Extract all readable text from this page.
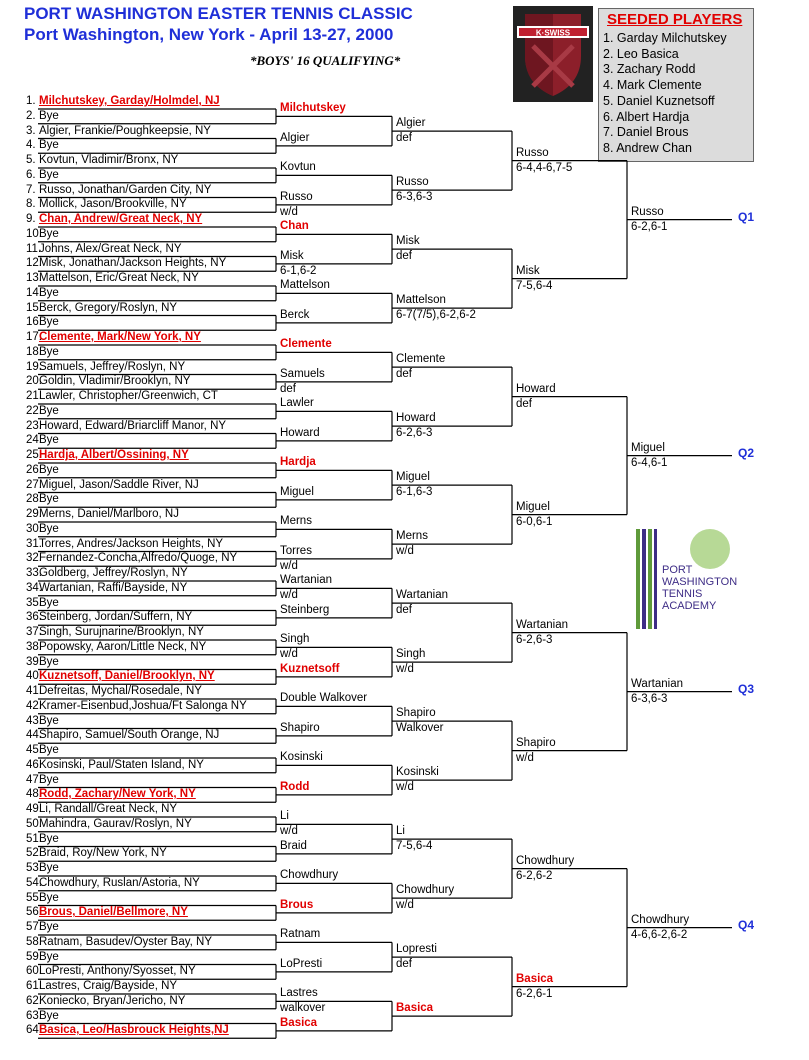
PORT WASHINGTON EASTER TENNIS CLASSIC
Port Washington, New York - April 13-27, 2000
*BOYS' 16 QUALIFYING*
K·SWISS
SEEDED PLAYERS
1. Garday Milchutskey
2. Leo Basica
3. Zachary Rodd
4. Mark Clemente
5. Daniel Kuznetsoff
6. Albert Hardja
7. Daniel Brous
8. Andrew Chan
PORT
WASHINGTON
TENNIS
ACADEMY
1. Milchutskey, Garday/Holmdel, NJ
2. Bye
3. Algier, Frankie/Poughkeepsie, NY
4. Bye
5. Kovtun, Vladimir/Bronx, NY
6. Bye
7. Russo, Jonathan/Garden City, NY
8. Mollick, Jason/Brookville, NY
9. Chan, Andrew/Great Neck, NY
10.
Bye
11.
Johns, Alex/Great Neck, NY
12.
Misk, Jonathan/Jackson Heights, NY
13.
Mattelson, Eric/Great Neck, NY
14.
Bye
15.
Berck, Gregory/Roslyn, NY
16.
Bye
17.
Clemente, Mark/New York, NY
18.
Bye
19.
Samuels, Jeffrey/Roslyn, NY
20.
Goldin, Vladimir/Brooklyn, NY
21.
Lawler, Christopher/Greenwich, CT
22.
Bye
23.
Howard, Edward/Briarcliff Manor, NY
24.
Bye
25.
Hardja, Albert/Ossining, NY
26.
Bye
27.
Miguel, Jason/Saddle River, NJ
28.
Bye
29.
Merns, Daniel/Marlboro, NJ
30.
Bye
31.
Torres, Andres/Jackson Heights, NY
32.
Fernandez-Concha,Alfredo/Quoge, NY
33.
Goldberg, Jeffrey/Roslyn, NY
34.
Wartanian, Raffi/Bayside, NY
35.
Bye
36.
Steinberg, Jordan/Suffern, NY
37.
Singh, Surujnarine/Brooklyn, NY
38.
Popowsky, Aaron/Little Neck, NY
39.
Bye
40.
Kuznetsoff, Daniel/Brooklyn, NY
41.
Defreitas, Mychal/Rosedale, NY
42.
Kramer-Eisenbud,Joshua/Ft Salonga NY
43.
Bye
44.
Shapiro, Samuel/South Orange, NJ
45.
Bye
46.
Kosinski, Paul/Staten Island, NY
47.
Bye
48.
Rodd, Zachary/New York, NY
49.
Li, Randall/Great Neck, NY
50.
Mahindra, Gaurav/Roslyn, NY
51.
Bye
52.
Braid, Roy/New York, NY
53.
Bye
54.
Chowdhury, Ruslan/Astoria, NY
55.
Bye
56.
Brous, Daniel/Bellmore, NY
57.
Bye
58.
Ratnam, Basudev/Oyster Bay, NY
59.
Bye
60.
LoPresti, Anthony/Syosset, NY
61.
Lastres, Craig/Bayside, NY
62.
Koniecko, Bryan/Jericho, NY
63.
Bye
64.
Basica, Leo/Hasbrouck Heights,NJ
Milchutskey
Algier
Kovtun
Russo
w/d
Chan
Misk
6-1,6-2
Mattelson
Berck
Clemente
Samuels
def
Lawler
Howard
Hardja
Miguel
Merns
Torres
w/d
Wartanian
w/d
Steinberg
Singh
w/d
Kuznetsoff
Double Walkover
Shapiro
Kosinski
Rodd
Li
w/d
Braid
Chowdhury
Brous
Ratnam
LoPresti
Lastres
walkover
Basica
Algier
def
Russo
6-3,6-3
Misk
def
Mattelson
6-7(7/5),6-2,6-2
Clemente
def
Howard
6-2,6-3
Miguel
6-1,6-3
Merns
w/d
Wartanian
def
Singh
w/d
Shapiro
Walkover
Kosinski
w/d
Li
7-5,6-4
Chowdhury
w/d
Lopresti
def
Basica
Russo
6-4,4-6,7-5
Misk
7-5,6-4
Howard
def
Miguel
6-0,6-1
Wartanian
6-2,6-3
Shapiro
w/d
Chowdhury
6-2,6-2
Basica
6-2,6-1
Russo
6-2,6-1
Q1
Miguel
6-4,6-1
Q2
Wartanian
6-3,6-3
Q3
Chowdhury
4-6,6-2,6-2
Q4
